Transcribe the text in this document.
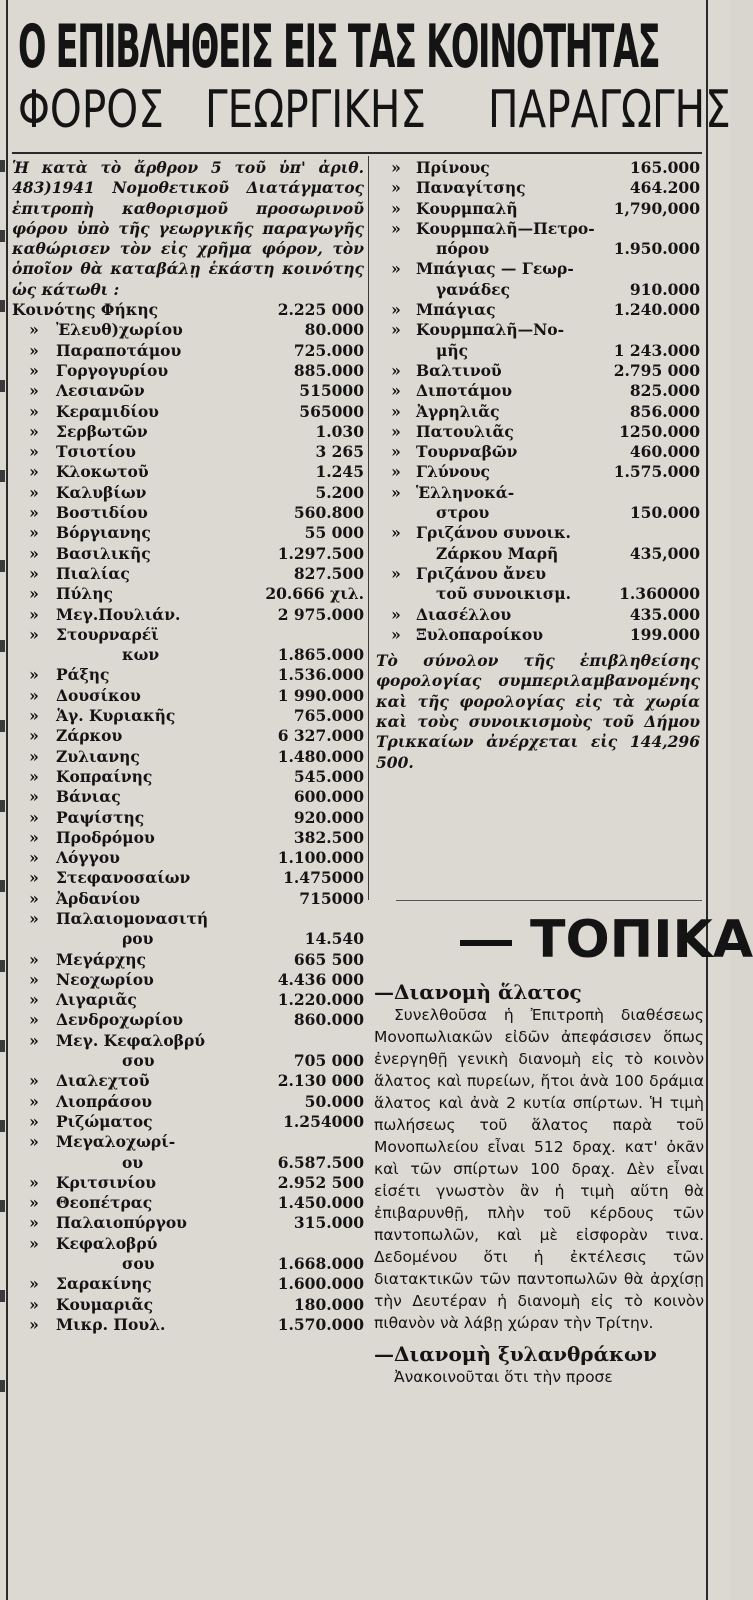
Ο ΕΠΙΒΛΗΘΕΙΣ ΕΙΣ ΤΑΣ ΚΟΙΝΟΤΗΤΑΣ
ΦΟΡΟΣ ΓΕΩΡΓΙΚΗΣ ΠΑΡΑΓΩΓΗΣ
Ἡ κατὰ τὸ ἄρθρον 5 τοῦ ὑπ' ἀριθ. 483)1941 Νομοθετικοῦ Διατάγματος ἐπιτροπὴ καθορισμοῦ προσωρινοῦ φόρου ὑπὸ τῆς γεωργικῆς παραγωγῆς καθώρισεν τὸν εἰς χρῆμα φόρον, τὸν ὁποῖον θὰ καταβάλῃ ἑκάστη κοινότης ὡς κάτωθι :
Κοινότης Φήκης	2.225 000
»	Ἐλευθ)χωρίου	80.000
»	Παραποτάμου	725.000
»	Γοργογυρίου	885.000
»	Λεσιανῶν	515000
»	Κεραμιδίου	565000
»	Σερβωτῶν	1.030
»	Τσιοτίου	3 265
»	Κλοκωτοῦ	1.245
»	Καλυβίων	5.200
»	Βοστιδίου	560.800
»	Βόργιανης	55 000
»	Βασιλικῆς	1.297.500
»	Πιαλίας	827.500
»	Πύλης	20.666 χιλ.
»	Μεγ.Πουλιάν.	2 975.000
»	Στουρναρέϊ
κων	1.865.000
»	Ράξης	1.536.000
»	Δουσίκου	1 990.000
»	Ἁγ. Κυριακῆς	765.000
»	Ζάρκου	6 327.000
»	Ζυλιανης	1.480.000
»	Κοπραίνης	545.000
»	Βάνιας	600.000
»	Ραψίστης	920.000
»	Προδρόμου	382.500
»	Λόγγου	1.100.000
»	Στεφανοσαίων	1.475000
»	Ἀρδανίου	715000
»	Παλαιομονασιτή
ρου	14.540
»	Μεγάρχης	665 500
»	Νεοχωρίου	4.436 000
»	Λιγαριᾶς	1.220.000
»	Δενδροχωρίου	860.000
»	Μεγ. Κεφαλοβρύ
σου	705 000
»	Διαλεχτοῦ	2.130 000
»	Λιοπράσου	50.000
»	Ριζώματος	1.254000
»	Μεγαλοχωρί-
ου	6.587.500
»	Κριτσινίου	2.952 500
»	Θεοπέτρας	1.450.000
»	Παλαιοπύργου	315.000
»	Κεφαλοβρύ
σου	1.668.000
»	Σαρακίνης	1.600.000
»	Κουμαριᾶς	180.000
»	Μικρ. Πουλ.	1.570.000
» Πρίνους	165.000
» Παναγίτσης	464.200
» Κουρμπαλῆ	1,790,000
» Κουρμπαλῆ—Πετρο-
πόρου	1.950.000
» Μπάγιας — Γεωρ-
γανάδες	910.000
» Μπάγιας	1.240.000
» Κουρμπαλῆ—Νο-
μῆς	1 243.000
» Βαλτινοῦ	2.795 000
» Διποτάμου	825.000
» Ἀγρηλιᾶς	856.000
» Πατουλιᾶς	1250.000
» Τουρναβῶν	460.000
» Γλύνους	1.575.000
» Ἑλληνοκά-
στρου	150.000
» Γριζάνου συνοικ.
Ζάρκου Μαρῆ	435,000
» Γριζάνου ἄνευ
τοῦ συνοικισμ.	1.360000
» Διασέλλου	435.000
» Ξυλοπαροίκου	199.000
Τὸ σύνολον τῆς ἐπιβληθείσης φορολογίας συμπεριλαμβανομένης καὶ τῆς φορολογίας εἰς τὰ χωρία καὶ τοὺς συνοικισμοὺς τοῦ Δήμου Τρικκαίων ἀνέρχεται εἰς 144,296 500.
ΤΟΠΙΚΑ
—Διανομὴ ἅλατος

Συνελθοῦσα ἡ Ἐπιτροπὴ διαθέσεως Μονοπωλιακῶν εἰδῶν ἀπεφάσισεν ὅπως ἐνεργηθῇ γενικὴ διανομὴ εἰς τὸ κοινὸν ἅλατος καὶ πυρείων, ἤτοι ἀνὰ 100 δράμια ἅλατος καὶ ἀνὰ 2 κυτία σπίρτων. Ἡ τιμὴ πωλήσεως τοῦ ἅλατος παρὰ τοῦ Μονοπωλείου εἶναι 512 δραχ. κατ' ὀκᾶν καὶ τῶν σπίρτων 100 δραχ. Δὲν εἶναι εἰσέτι γνωστὸν ἂν ἡ τιμὴ αὕτη θὰ ἐπιβαρυνθῇ, πλὴν τοῦ κέρδους τῶν παντοπωλῶν, καὶ μὲ εἰσφορὰν τινα. Δεδομένου ὅτι ἡ ἐκτέλεσις τῶν διατακτικῶν τῶν παντοπωλῶν θὰ ἀρχίσῃ τὴν Δευτέραν ἡ διανομὴ εἰς τὸ κοινὸν πιθανὸν νὰ λάβῃ χώραν τὴν Τρίτην.

—Διανομὴ ξυλανθράκων

Ἀνακοινοῦται ὅτι τὴν προσε
